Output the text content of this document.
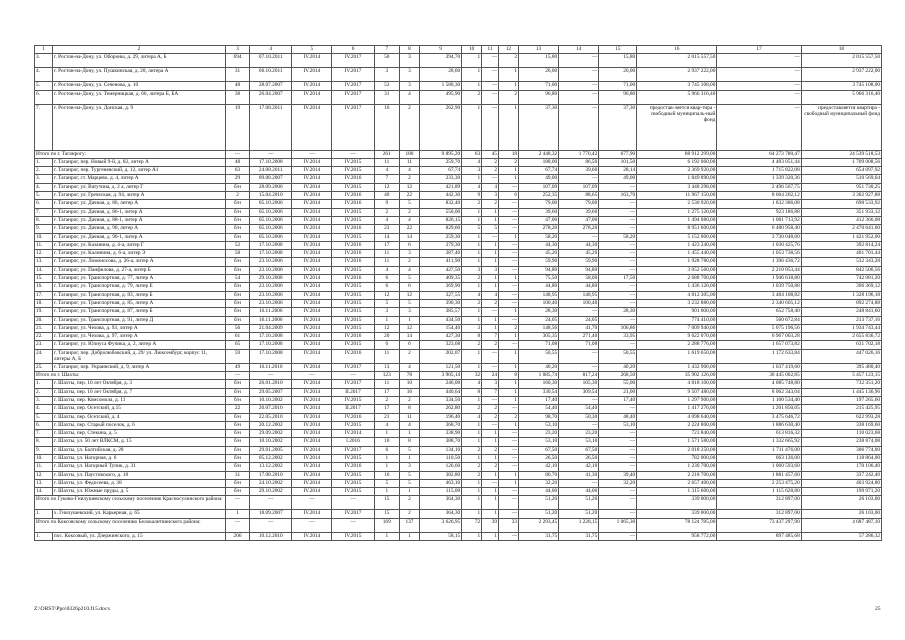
1	2	3	4	5	6	7	8	9	10	11	12	13	14	15	16	17	18
3.	г. Ростов-на-Дону, ул. Обороны, д. 29, литера А, Б	694	07.10.2011	IV.2014	IV.2017	50	3	394,70	1	—	2	15,80	—	15,80	2 015 557,50	—	2 015 557,50
4.	г. Ростов-на-Дону, ул. Пушкинская, д. 28, литера А	31	06.10.2011	IV.2014	IV.2017	3	3	28,60	1	—	1	20,00	—	20,00	2 937 222,00	—	2 937 222,00
5.	г. Ростов-на-Дону, ул. Сеченова, д. 10	48	28.07.2007	IV.2014	IV.2017	53	3	1 580,30	1	—	1	71,00	—	71,00	3 745 108,00	—	3 745 108,00
6.	г. Ростов-на-Дону, ул. Темерницкая, д. 66, литера Б, БА	38	26.04.2007	IV.2014	IV.2017	31	4	495,90	2	—	2	96,80	—	96,80	5 966 316,40	—	5 966 316,40
7.	г. Ростов-на-Дону, ул. Донская, д. 9	19	17.08.2011	IV.2014	IV.2017	16	2	262,90	1	—	1	37,30	—	37,30	предостав-ляется квар-тира - свободный муниципаль-ный фонд	—	предоставляется квартира - свободный муниципальный фонд
Итого по г. Таганрогу:		—	—	—	—	261	180	9 895,20	63	45	18	2 448,32	1 770,42	677,90	88 912 299,00	64 273 780,47	24 539 518,53
1.	г. Таганрог, пер. Новый 9-й, д. 82, литер А	48	17.10.2008	IV.2014	IV.2015	11	11	259,70	4	2	2	188,00	86,50	101,50	6 192 060,00	4 483 051,44	1 709 008,56
2.	г. Таганрог, пер. Тургеневский, д. 12, литер А1	63	24.08.2011	IV.2014	IV.2015	4	4	67,74	3	2	1	67,74	39,60	28,14	2 369 920,00	1 715 822,08	654 097,92
3.	г. Таганрог, ст. Марцево, д. 4, литер А	29	09.08.2007	IV.2014	IV.2016	7	2	233,30	1	—	1	49,00	—	49,00	1 849 890,00	1 339 320,36	510 569,64
4.	г. Таганрог, ул. Ватутина, д. 2 а, литер Г	б/н	28.09.2006	IV.2014	IV.2015	12	12	421,89	4	4	—	107,09	107,09	—	3 448 298,00	2 496 567,75	951 730,25
5.	г. Таганрог, ул. Греческая, д. 94, литер А	2	15.04.2010	IV.2014	IV.2016	40	22	442,30	9	3	6	252,35	88,65	163,70	11 967 150,00	8 664 202,12	3 302 927,88
6.	г. Таганрог, ул. Дачная, д. 86, литер А	б/н	05.10.2006	IV.2014	IV.2016	9	5	832,40	2	2	—	79,00	79,00	—	2 530 920,00	1 832 386,08	698 533,92
7.	г. Таганрог, ул. Дачная, д. 86-1, литер А	б/н	05.10.2006	IV.2014	IV.2015	2	2	550,00	1	1	—	39,60	39,60	—	1 275 120,00	923 186,88	351 933,12
8.	г. Таганрог, ул. Дачная, д. 88-1, литер А	б/н	05.10.2006	IV.2014	IV.2015	4	4	826,15	1	1	—	47,00	47,00	—	1 494 080,00	1 081 713,92	412 366,08
9.	г. Таганрог, ул. Дачная, д. 90, литер А	б/н	05.10.2006	IV.2014	IV.2016	23	22	829,60	5	5	—	278,20	278,20	—	8 951 600,00	6 480 958,40	2 470 641,60
10.	г. Таганрог, ул. Дачная, д. 90-1, литер А	б/н	05.10.2006	IV.2014	IV.2015	14	14	259,30	1	—	1	58,20	—	58,20	5 152 000,00	3 730 048,00	1 421 952,00
11.	г. Таганрог, ул. Казанина, д. 4-а, литер Г	52	17.10.2008	IV.2014	IV.2016	17	6	379,30	1	1	—	44,30	44,30	—	1 423 240,00	1 030 425,76	392 814,24
12.	г. Таганрог, ул. Калинина, д. 6-а, литер Э	58	17.10.2008	IV.2014	IV.2016	11	3	387,40	1	1	—	45,20	45,20	—	1 455 440,00	1 053 738,56	401 701,44
13.	г. Таганрог, ул. Ломоносова, д. 26-а, литер А	б/н	23.10.2006	IV.2014	IV.2016	11	2	411,90	1	1	—	59,90	59,90	—	1 928 780,00	1 396 436,72	532 343,28
14.	г. Таганрог, ул. Панфилова, д. 27-а, литер Б	б/н	23.10.2006	IV.2014	IV.2015	4	4	427,50	3	3	—	94,80	94,80	—	3 052 560,00	2 210 053,44	842 506,56
15.	г. Таганрог, ул. Транспортная, д. 77, литер А	54	29.10.2008	IV.2014	IV.2016	6	5	409,35	2	1	1	75,50	58,00	17,50	2 688 700,00	1 946 618,80	742 081,20
16.	г. Таганрог, ул. Транспортная, д. 79, литер Е	б/н	23.10.2006	IV.2014	IV.2015	6	6	369,90	1	1	—	44,80	44,80	—	1 436 120,00	1 039 750,88	396 369,12
17.	г. Таганрог, ул. Транспортная, д. 83, литер Б	б/н	23.10.2006	IV.2014	IV.2015	12	12	327,55	4	4	—	148,95	148,95	—	4 812 305,00	3 484 108,82	1 328 196,18
18.	г. Таганрог, ул. Транспортная, д. 85, литер А	б/н	23.10.2006	IV.2014	IV.2015	5	5	390,30	2	2	—	100,40	100,40	—	3 232 880,00	2 340 605,12	892 274,88
19.	г. Таганрог, ул. Транспортная, д. 87, литер Б	б/н	16.11.2006	IV.2014	IV.2015	3	3	385,57	1	—	1	28,30	—	28,30	901 600,00	652 758,40	248 841,60
20.	г. Таганрог, ул. Транспортная, д. 91, литер Д	б/н	16.11.2006	IV.2014	IV.2015	1	1	434,50	1	1	—	24,05	24,05	—	774 410,00	560 672,84	213 737,16
21.	г. Таганрог, ул. Чехова, д. 93, литер А	56	21.04.2009	IV.2014	IV.2015	12	12	154,40	3	1	2	148,56	41,70	106,86	7 009 940,00	5 075 196,56	1 934 743,44
22.	г. Таганрог, ул. Чехова, д. 97, литер А	61	17.10.2008	IV.2014	IV.2016	20	14	427,30	8	7	1	305,35	271,40	33,95	9 622 070,00	6 967 003,28	2 655 836,72
23.	г. Таганрог, ул. Юлиуса Фучика, д. 2, литер А	65	17.10.2008	IV.2014	IV.2015	6	6	323,68	2	2	—	71,08	71,08	—	2 288 776,00	1 657 073,82	631 702,18
24.	г. Таганрог, пер. Добролюбовский, д. 29/ ул. Люксембург, корпус 11, литеры А, Б	59	17.10.2008	IV.2014	IV.2016	11	2	202,07	1	—	1	50,55	—	50,55	1 619 650,00	1 172 633,84	447 026,16
25.	г. Таганрог, пер. Украинский, д. 9, литер А	49	16.11.2010	IV.2014	IV.2017	13	4	121,50	1	—	1	40,20	—	40,20	1 432 900,00	1 037 419,60	395 480,40
Итого по г. Шахты:		—	—	—	—	123	78	3 905,14	32	24	8	1 085,74	817,24	268,50	35 902 126,00	30 445 002,85	5 457 123,15
1.	г. Шахты, пер. 10 лет Октября, д. 3	б/н	26.01.2010	IV.2014	IV.2017	11	10	246,00	4	3	1	160,30	105,30	55,00	4 818 100,00	4 085 748,80	732 351,20
2.	г. Шахты, пер. 10 лет Октября, д. 7	б/н	29.05.2007	IV.2014	II.2017	17	16	440,64	8	7	1	330,54	309,54	21,00	9 507 480,00	8 062 343,04	1 445 136,96
3.	г. Шахты, пер. Комсомола, д. 11	б/н	10.10.2002	IV.2014	IV.2015	2	2	334,50	1	—	1	17,40	—	17,40	1 297 900,00	1 100 534,40	197 265,60
4.	г. Шахты, пер. Осетский, д.15	22	20.07.2010	IV.2014	II.2017	17	8	262,80	2	2	—	54,40	54,40	—	1 417 276,00	1 201 850,05	215 425,95
5.	г. Шахты, пер. Осетский, д. 4	б/н	22.05.2010	IV.2014	IV.2016	21	11	196,40	4	2	2	98,70	50,30	48,40	4 098 640,00	3 475 646,72	622 993,28
6.	г. Шахты, пер. Старый поселок, д. 6	б/н	20.12.2002	IV.2014	IV.2015	4	4	368,70	1	—	1	53,10	—	53,10	2 224 800,00	1 886 630,40	338 169,60
7.	г. Шахты, пер. Стекина, д. 5	б/н	29.09.2002	IV.2014	IV.2014	1	1	338,90	1	1	—	23,20	23,20	—	723 840,00	613 816,32	110 023,68
8.	г. Шахты, ул. 50 лет ВЛКСМ, д. 15	б/н	10.10.2002	IV.2014	I.2016	10	8	388,70	1	1	—	53,10	53,10	—	1 571 580,00	1 332 665,92	238 874,08
9.	г. Шахты, ул. Балтийская, д. 28	б/н	29.01.2005	IV.2014	IV.2017	6	5	134,10	2	2	—	67,50	67,50	—	2 018 250,00	1 711 476,00	306 774,00
10.	г. Шахты, ул. Нагорная, д. 6	б/н	05.12.2002	IV.2014	IV.2015	1	1	110,50	1	1	—	26,50	26,50	—	782 000,00	663 136,00	118 864,00
11.	г. Шахты, ул. Нагорный Тупик, д. 31	б/н	13.12.2002	IV.2014	IV.2016	1	3	126,60	2	2	—	42,10	42,10	—	1 230 700,00	1 060 593,60	170 106,40
12.	г. Шахты, ул. Паустовского, д. 18	31	17.08.2010	IV.2014	IV.2015	16	5	382,80	2	1	1	80,70	41,30	39,40	2 218 700,00	1 881 457,60	337 242,40
13.	г. Шахты, ул. Федосеева, д. 38	б/н	24.10.2002	IV.2014	IV.2015	5	5	463,10	1	—	1	32,20	—	32,20	2 657 400,00	2 253 475,20	403 924,80
14.	г. Шахты, ул. Южные пруды, д. 5	б/н	29.10.2002	IV.2014	IV.2015	1	1	115,00	1	1	—	44,00	44,00	—	1 315 600,00	1 115 628,80	199 971,20
Итого по Гуково-Гнилушевскому сельскому поселению Красносулинского района:		—	—	—	—	15	2	364,30	1	1	—	51,20	51,20	—	339 000,00	312 897,00	26 103,00
1.	х. Гнилушевский, ул. Карьерная, д. 65	1	18.09.2007	IV.2014	IV.2017	15	2	364,30	1	1	—	51,20	51,20	—	339 000,00	312 897,00	26 103,00
Итого по Коксовскому сельскому поселению Белокалитвинского района:		—	—	—	—	169	137	3 626,95	72	39	33	2 293,45	1 228,15	1 065,30	78 124 785,00	73 437 297,90	4 687 487,10
1.	пос. Коксовый, ул. Дзержинского, д. 15	206	10.12.2010	IV.2014	IV.2015	1	1	58,15	1	1	—	31,75	31,75	—	958 772,00	897 485,68	57 286,32
Z:\ORST\Ppo\0326p210.f15.docx	25
